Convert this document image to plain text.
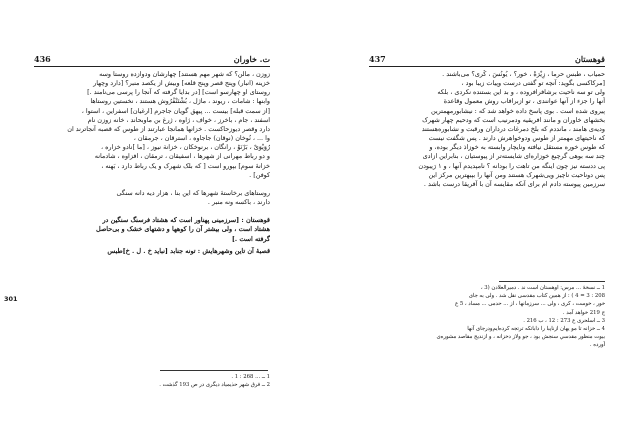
ت. خاوران
436
301
زوزن ، مالن؟ که شهر مهم هستند] چهارشان ودوازده روستا وسه
خزینه (انبار) وپنج قصر وپنج قلعه] وبیش از یکصد منبر؟ [دارد وچهار
روستای او چهارسو است] [در بدایا گرفته که آنجا را پرسی می‌نامند .]
وابنها : شامات ، ریوند ، ماژل ، بُشْتَنْفُرُوش هستند ، نخستین روستاها
[از سمت قبله] بیست ... پیهق گویان جاجرم [ارغیان] اسفراین ، استوا ،
اسفند ، جام ، باخرز ، خواف ، ژاوه ، ژرغ بن ماوبحاند ، خانه زوزن نام
دارد وقصر دیوزحاکست . خزانها همانجا عبارتند از طوس که قصبه آنجاترند ان
وا ... ، نُوخان (نوقان) جاجاوه ، استرقان ، جرمقان ،
رُوَیْوَیْ ، بَرْنَوْ ، رانگان ، برنوخکان ، خزانة نیوز ، [ما ]نادو خزاره ،
و دو رباط مهرانی از شهرها ، اسفیقان ، ترمقان ، افزاوه ، شادمانه
خزانهٔ سوم] بپورو است [ که بلک شهرک و یک رباط دارد ، بَهنه ،
کوفن] .
روستاهای برخاستۀ شهرها که این بنا ، هزار دیه دانه سنگی
دارند ، باکسه‌ ونه منبر .
قوهستان : [سرزمینی پهناور است که هشتاد فرسنگ سنگین در
هشتاد است ، ولی بیشتر آن را کوهها و دشتهای خشک و بی‌حاصل
گرفته است .]
قصبهٔ آن تاین وشهرهایش : تونه جنابد [نباید خ . ل . خ]طبس
1 ــ ... 268 : 1 .
2 ــ فرق شهر حذیمیاد دیگری در ص 193 گذشت .
قوهستان
437
حمیاب ، طبس حرما ، زِیْرَهْ ، خور؟ ، یُونُسَ ، کُری؟ می‌باشند .
[مرکاکسی بگوید: آنچه تو گفتی درست وپیات زیبا بود ،
ولی تو سه ناحیت برشافرافروده ، و بد این بستنده نکردی ، بلکه
آنها را جزء از آنها عوانندی ، تو ازبرافاب روش معمول وقاعدة
پیروی شده است . بوی پاسخ داده خواهد شد که : نیشابورمهمترین
بخشهای خاوران و مانند افریقیه ودمرنیب است که ودحیم چهار شهرک
ودیه‌ی هامند ، مانددم که بلخ دمرغات درداران ورقبت و نشابوره‌هستند
که ناحیتهای مهمتر از طوس ودوخواهرش دارند . پس شگفت نیست
که طوس خوره مستقل نیافته ونایچار وابسته به خوزاذ دیگر بوده، و
چند سه بوهی گرچیع خوزاره‌ای شایسته‌تر از پیوستیان ، بنابراین ازادی
پی ددسته نیز چون اینگه من تاهت را بودانه ؟ نامپدیدم آنها ، و ۱ رَیبودن
پس دوناحیت ناچیز ویی‌شهرک هستند ومن آنها را بپبهترین مرکز این
سرزمین پیوسته دادم ام برای آنکه مقایسه آن با آفریقا درست باشد .
1 ــ نسخهٔ ... مرس: اوهستان است ند . دمیرالعلادن (3 ،
208 : 3 = 4 ) : از همین کتاب مقدسی نقل شد . ولی به جای
خور ، خوست ، کری ، ولی ... سرزمانها ، از ... حدمی ... مساد ، 5 ع
ج 219 خواهد آمد .
3 ــ اسلحری ع 273 : 12 ، ب 216 .
4 ــ خزانه تا مو یهان ازناپبا را داباتکه ترتجه کرد‌ه‌ایم‌ودرجای آنها
بيوت منظور مقدسي سنجش بود ، جو ولاز دخزانه ، و ازندیج مقاصد مشوره‌ی
آورده .
